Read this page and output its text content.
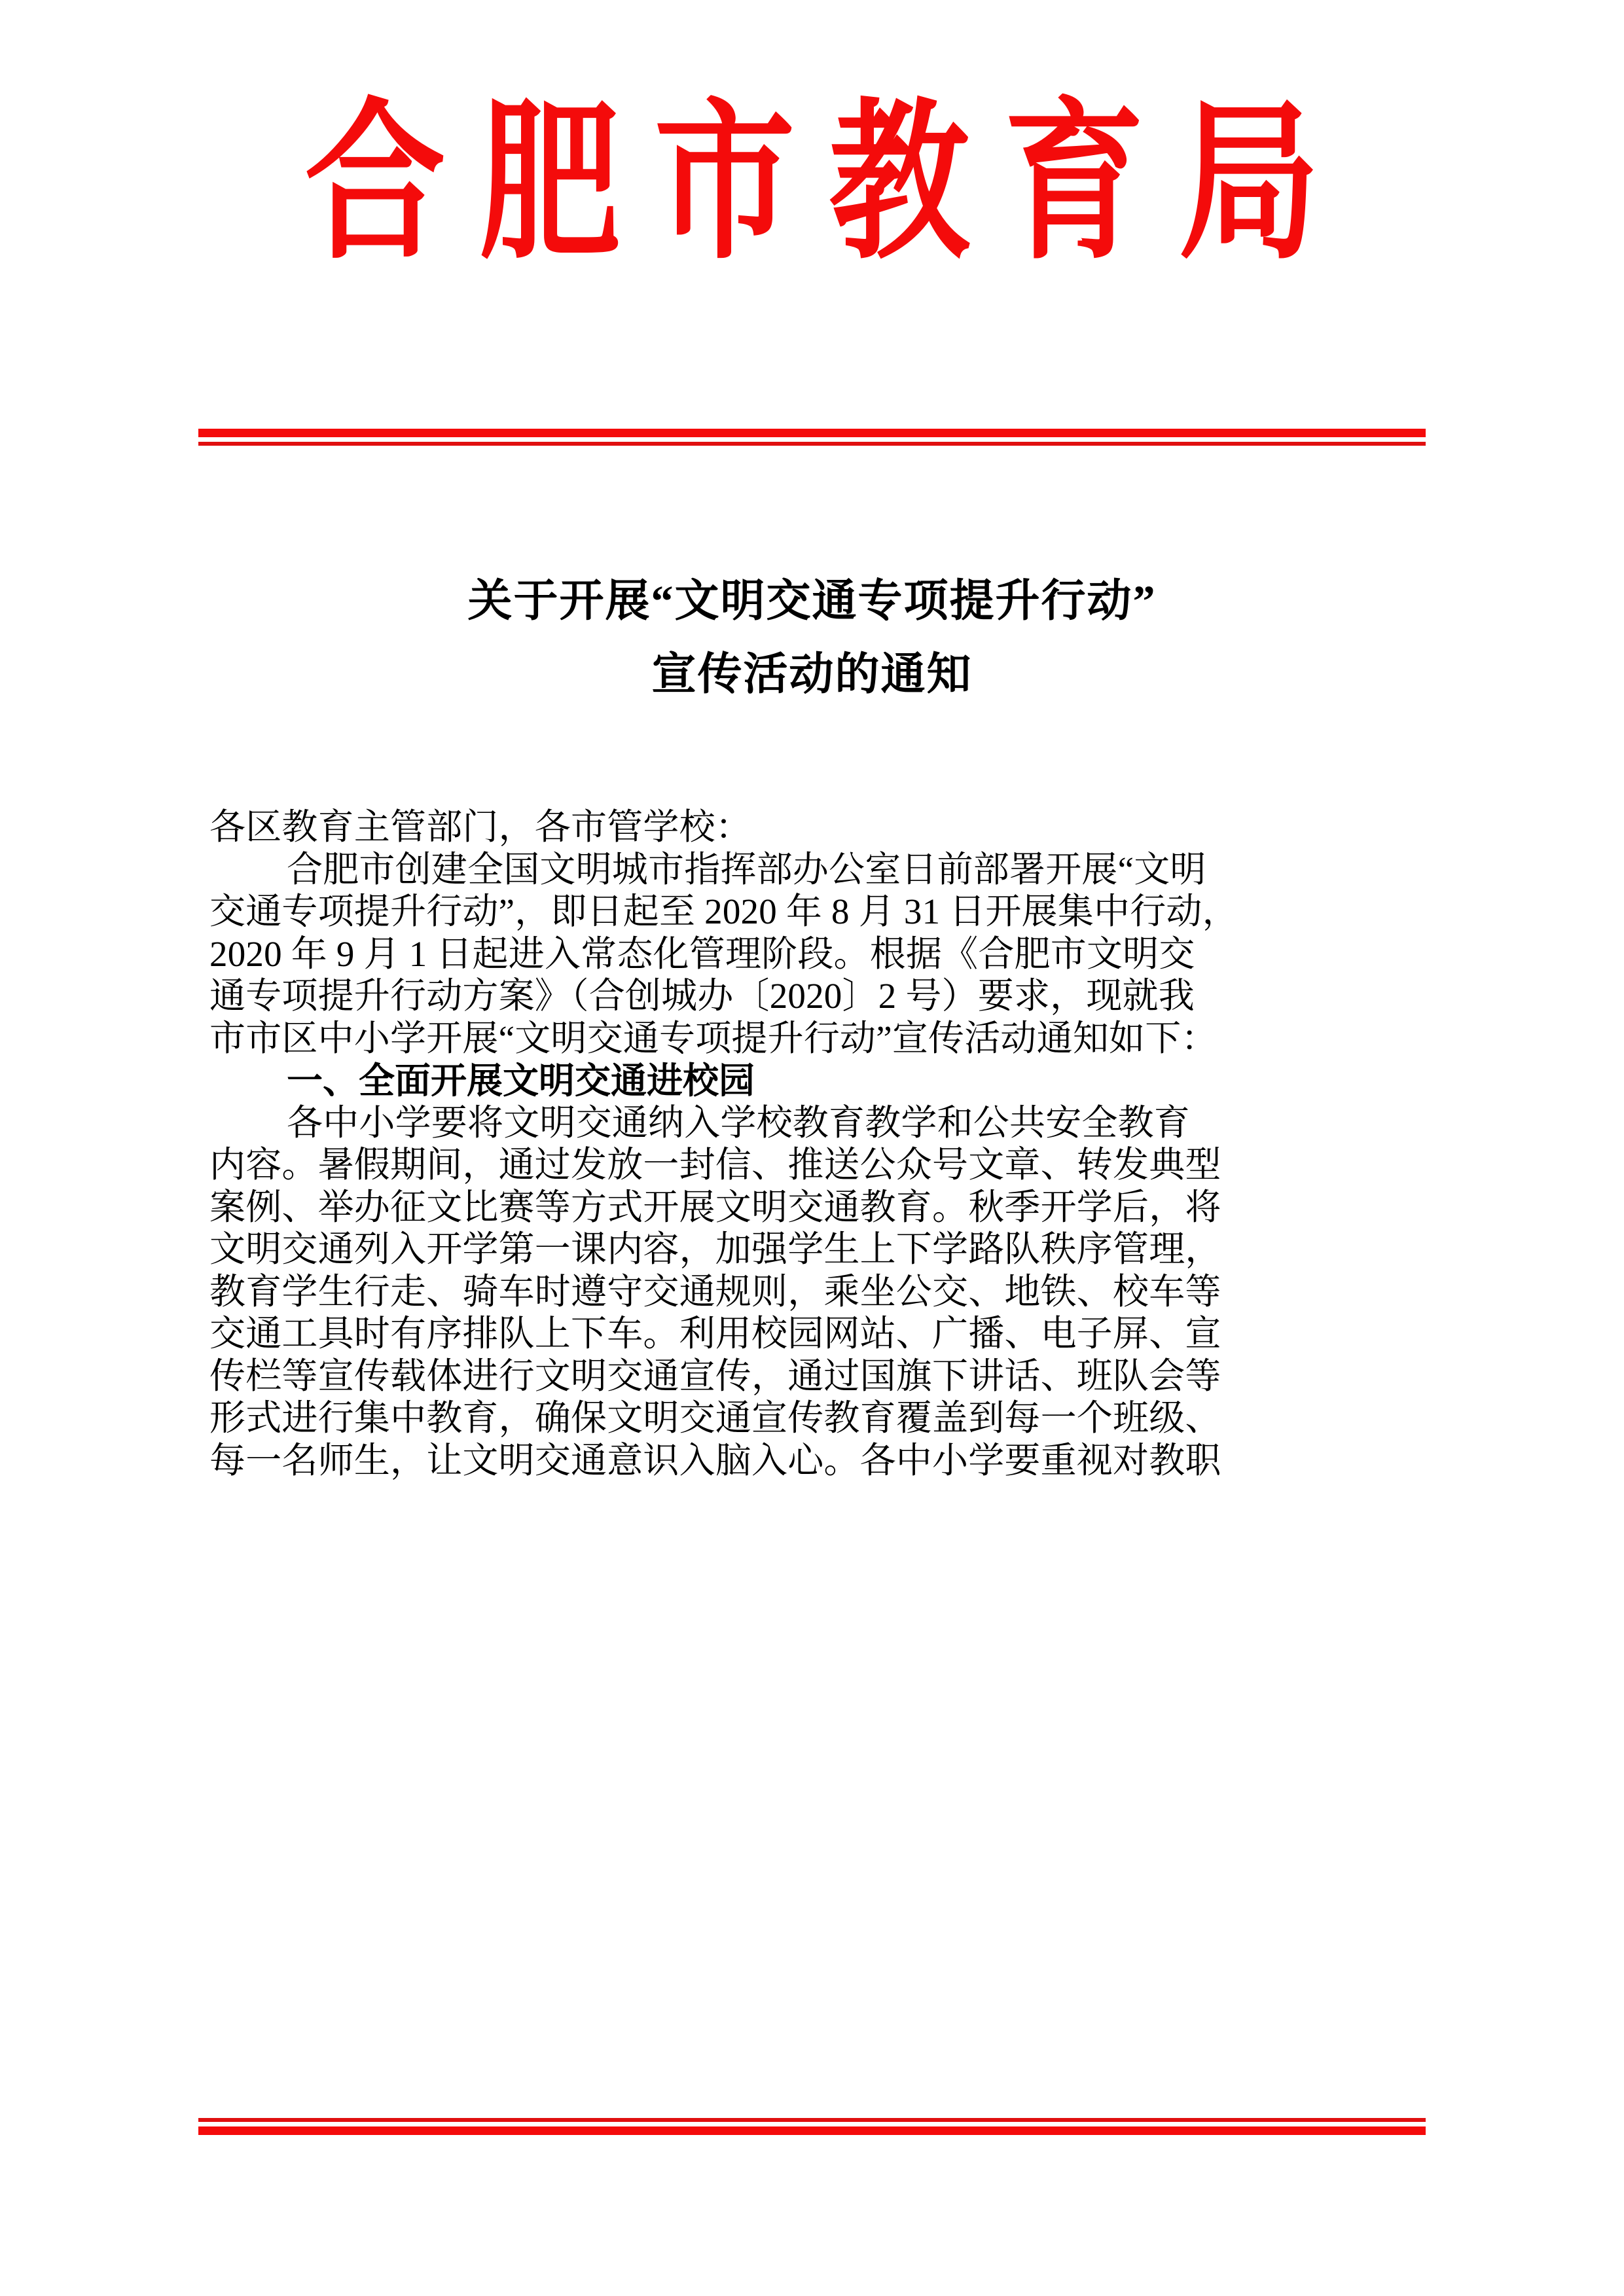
合肥市教育局
关于开展“文明交通专项提升行动”
宣传活动的通知
各区教育主管部门，各市管学校：
合肥市创建全国文明城市指挥部办公室日前部署开展“文明
交通专项提升行动”，即日起至 2020 年 8 月 31 日开展集中行动，
2020 年 9 月 1 日起进入常态化管理阶段。根据《合肥市文明交
通专项提升行动方案》（合创城办〔2020〕2 号）要求，现就我
市市区中小学开展“文明交通专项提升行动”宣传活动通知如下：
一、全面开展文明交通进校园
各中小学要将文明交通纳入学校教育教学和公共安全教育
内容。暑假期间，通过发放一封信、推送公众号文章、转发典型
案例、举办征文比赛等方式开展文明交通教育。秋季开学后，将
文明交通列入开学第一课内容，加强学生上下学路队秩序管理，
教育学生行走、骑车时遵守交通规则，乘坐公交、地铁、校车等
交通工具时有序排队上下车。利用校园网站、广播、电子屏、宣
传栏等宣传载体进行文明交通宣传，通过国旗下讲话、班队会等
形式进行集中教育，确保文明交通宣传教育覆盖到每一个班级、
每一名师生，让文明交通意识入脑入心。各中小学要重视对教职
